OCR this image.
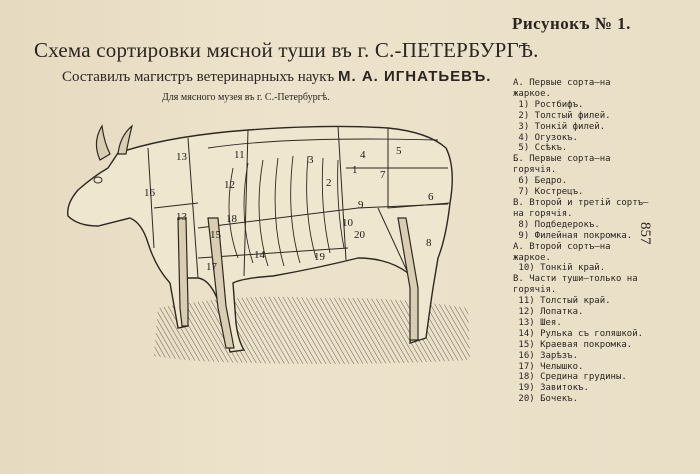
Рисунокъ № 1.
Схема сортировки мясной туши въ г. С.-ПЕТЕРБУРГѢ.
Составилъ магистръ ветеринарныхъ наукъ М. А. ИГНАТЬЕВЪ.
Для мясного музея въ г. С.-Петербургѣ.
857
А. Первые сорта—на жаркое.
1) Ростбифъ.
2) Толстый филей.
3) Тонкій филей.
4) Огузокъ.
5) Ссѣкъ.
Б. Первые сорта—на горячія.
6) Бедро.
7) Кострецъ.
В. Второй и третій сортъ—на горячія.
8) Подбедерокъ.
9) Филейная покромка.
А. Второй сортъ—на жаркое.
10) Тонкій край.
В. Части туши—только на горячія.
11) Толстый край.
12) Лопатка.
13) Шея.
14) Рулька съ голяшкой.
15) Краевая покромка.
16) Зарѣзъ.
17) Челышко.
18) Срединa грудины.
19) Завитокъ.
20) Бочекъ.
1
2
3	4	5
6
7
8
9
10
11
12
13
13
14
15
16
17
18
19
20
